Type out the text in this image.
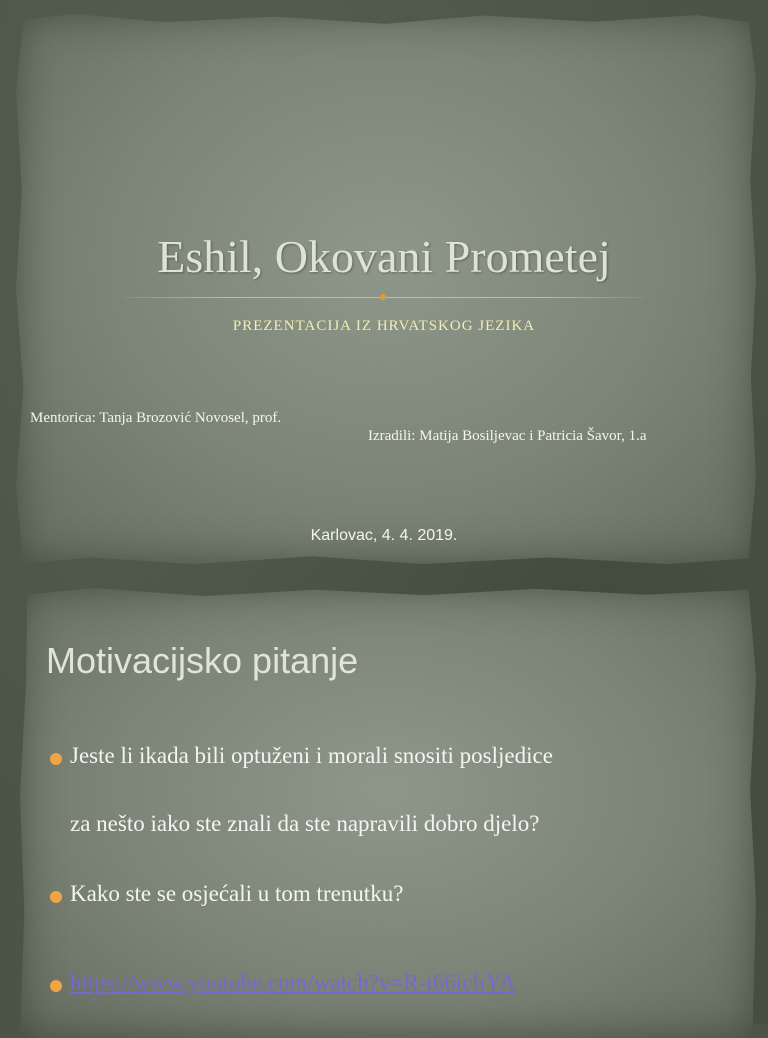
Eshil, Okovani Prometej
PREZENTACIJA IZ HRVATSKOG JEZIKA
Mentorica: Tanja Brozović Novosel, prof.
Izradili: Matija Bosiljevac i Patricia Šavor, 1.a
Karlovac, 4. 4. 2019.
Motivacijsko pitanje
Jeste li ikada bili optuženi i morali snositi posljedice
za nešto iako ste znali da ste napravili dobro djelo?
Kako ste se osjećali u tom trenutku?
https://www.youtube.com/watch?v=R-t66iclıYA
